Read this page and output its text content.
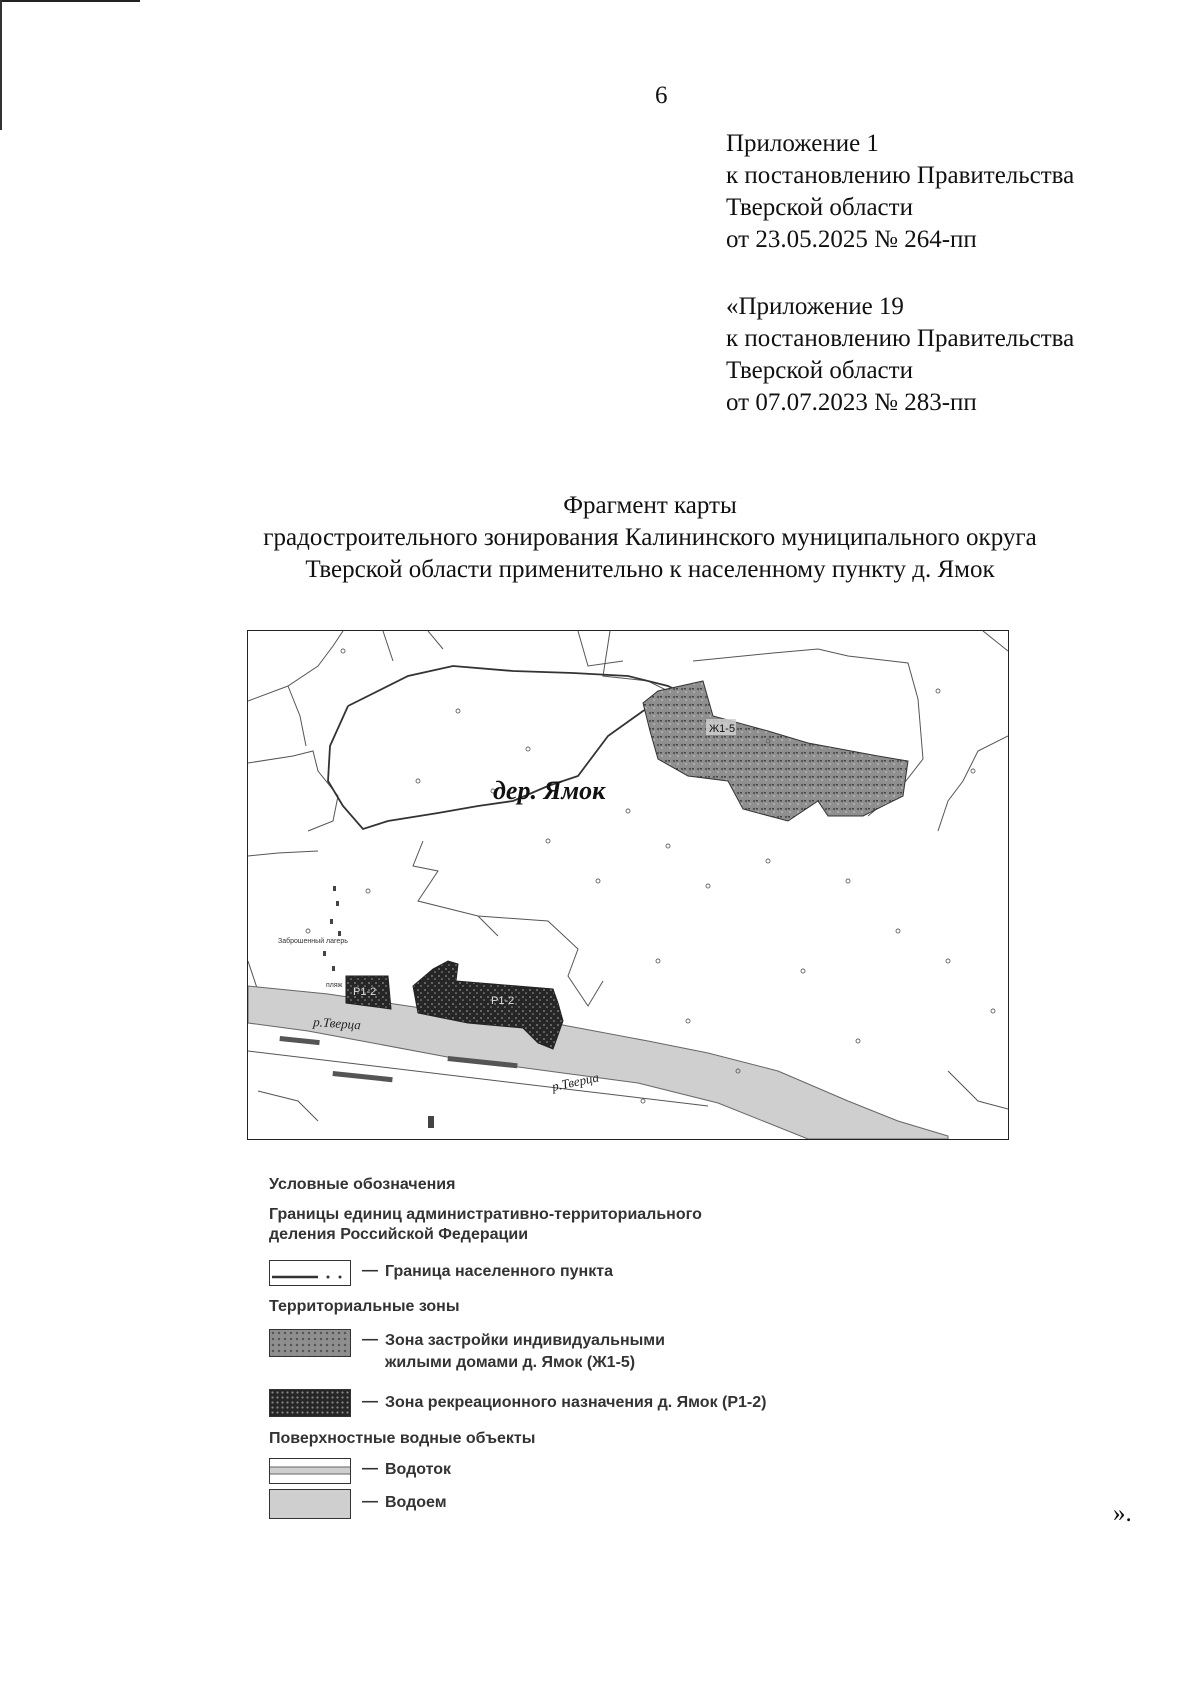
6
Приложение 1
к постановлению Правительства
Тверской области
от 23.05.2025 № 264-пп
«Приложение 19
к постановлению Правительства
Тверской области
от 07.07.2023 № 283-пп
Фрагмент карты
градостроительного зонирования Калининского муниципального округа
Тверской области применительно к населенному пункту д. Ямок
дер. Ямок
Ж1-5
Р1-2
Р1-2
р.Тверца
р.Тверца
Заброшенный лагерь
пляж
Условные обозначения
Границы единиц административно-территориального
деления Российской Федерации
— Граница населенного пункта
Территориальные зоны
— Зона застройки индивидуальными
жилыми домами д. Ямок (Ж1-5)
— Зона рекреационного назначения д. Ямок (Р1-2)
Поверхностные водные объекты
— Водоток
— Водоем	».
